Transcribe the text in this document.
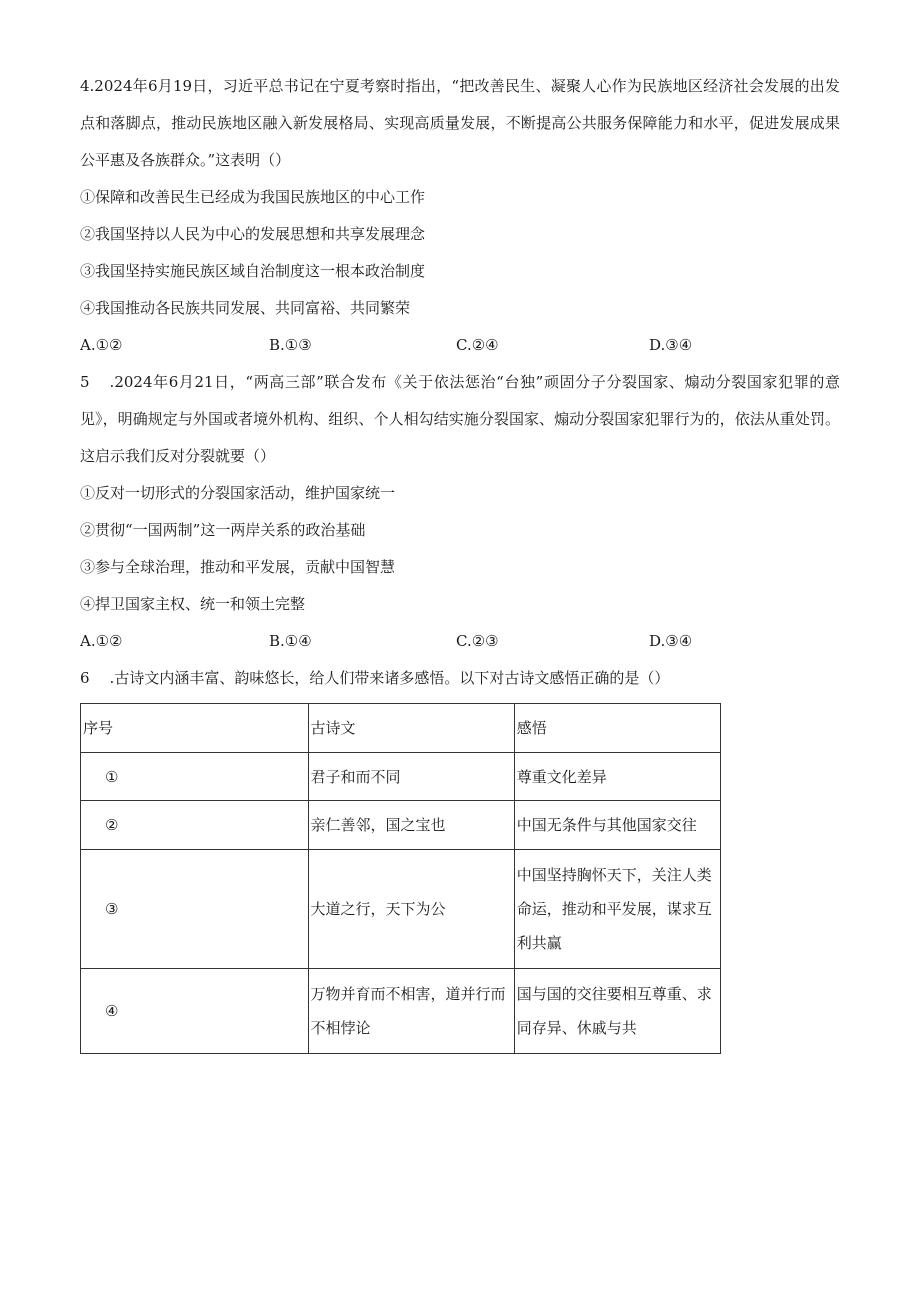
4.2024年6月19日，习近平总书记在宁夏考察时指出，“把改善民生、凝聚人心作为民族地区经济社会发展的出发点和落脚点，推动民族地区融入新发展格局、实现高质量发展，不断提高公共服务保障能力和水平，促进发展成果公平惠及各族群众。”这表明（）

①保障和改善民生已经成为我国民族地区的中心工作

②我国坚持以人民为中心的发展思想和共享发展理念

③我国坚持实施民族区域自治制度这一根本政治制度

④我国推动各民族共同发展、共同富裕、共同繁荣

A.①②	B.①③	C.②④	D.③④

5 .2024年6月21日，“两高三部”联合发布《关于依法惩治“台独”顽固分子分裂国家、煽动分裂国家犯罪的意见》，明确规定与外国或者境外机构、组织、个人相勾结实施分裂国家、煽动分裂国家犯罪行为的，依法从重处罚。这启示我们反对分裂就要（）

①反对一切形式的分裂国家活动，维护国家统一

②贯彻“一国两制”这一两岸关系的政治基础

③参与全球治理，推动和平发展，贡献中国智慧

④捍卫国家主权、统一和领土完整

A.①②	B.①④	C.②③	D.③④

6 .古诗文内涵丰富、韵味悠长，给人们带来诸多感悟。以下对古诗文感悟正确的是（）

序号	古诗文	感悟
①	君子和而不同	尊重文化差异
②	亲仁善邻，国之宝也	中国无条件与其他国家交往
③	大道之行，天下为公	中国坚持胸怀天下，关注人类命运，推动和平发展，谋求互利共赢
④	万物并育而不相害，道并行而不相悖论	国与国的交往要相互尊重、求同存异、休戚与共
